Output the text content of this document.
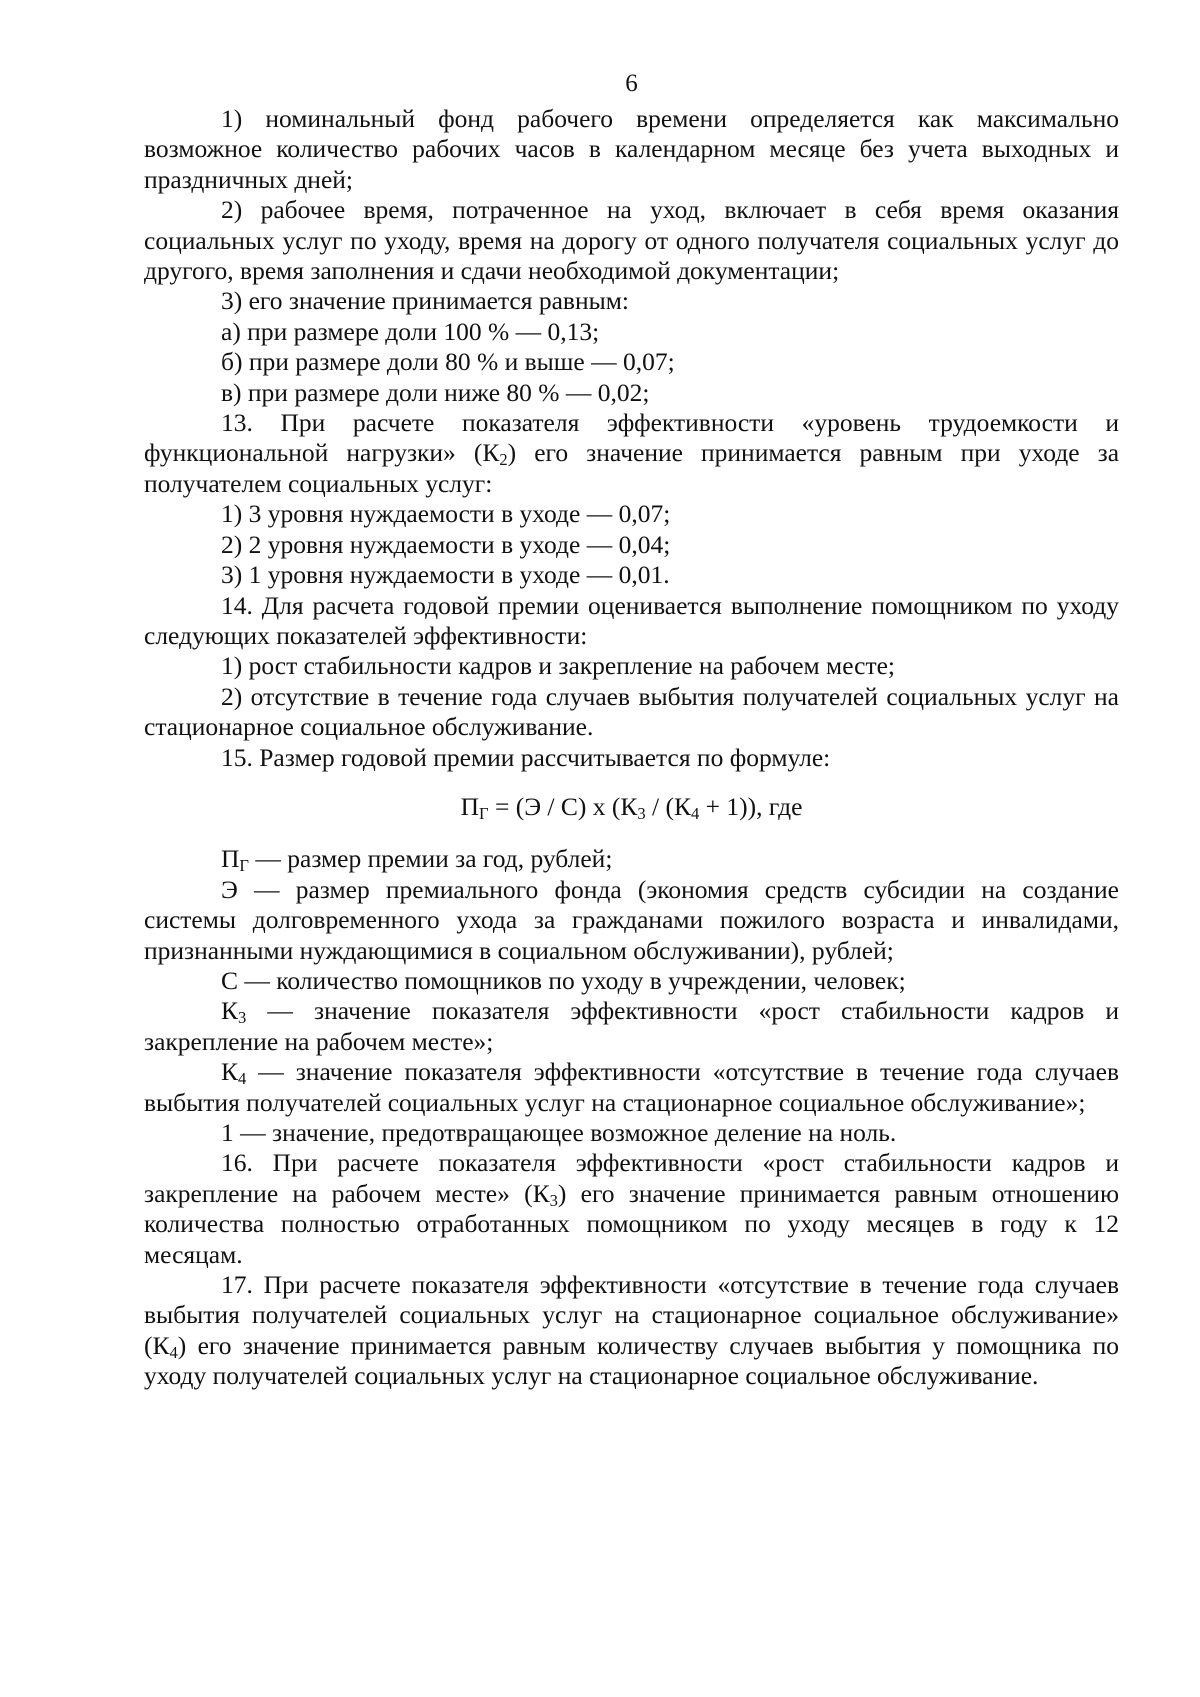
6

1) номинальный фонд рабочего времени определяется как максимально возможное количество рабочих часов в календарном месяце без учета выходных и праздничных дней;

2) рабочее время, потраченное на уход, включает в себя время оказания социальных услуг по уходу, время на дорогу от одного получателя социальных услуг до другого, время заполнения и сдачи необходимой документации;

3) его значение принимается равным:

а) при размере доли 100 % — 0,13;

б) при размере доли 80 % и выше — 0,07;

в) при размере доли ниже 80 % — 0,02;

13. При расчете показателя эффективности «уровень трудоемкости и функциональной нагрузки» $(К_2)$ его значение принимается равным при уходе за получателем социальных услуг:

1) 3 уровня нуждаемости в уходе — 0,07;

2) 2 уровня нуждаемости в уходе — 0,04;

3) 1 уровня нуждаемости в уходе — 0,01.

14. Для расчета годовой премии оценивается выполнение помощником по уходу следующих показателей эффективности:

1) рост стабильности кадров и закрепление на рабочем месте;

2) отсутствие в течение года случаев выбытия получателей социальных услуг на стационарное социальное обслуживание.

15. Размер годовой премии рассчитывается по формуле:

$П_Г = (Э / С)$ х $(К_3 / (К_4 + 1))$, где

$П_Г$ — размер премии за год, рублей;

Э — размер премиального фонда (экономия средств субсидии на создание системы долговременного ухода за гражданами пожилого возраста и инвалидами, признанными нуждающимися в социальном обслуживании), рублей;

С — количество помощников по уходу в учреждении, человек;

$К_3$ — значение показателя эффективности «рост стабильности кадров и закрепление на рабочем месте»;

$К_4$ — значение показателя эффективности «отсутствие в течение года случаев выбытия получателей социальных услуг на стационарное социальное обслуживание»;

1 — значение, предотвращающее возможное деление на ноль.

16. При расчете показателя эффективности «рост стабильности кадров и закрепление на рабочем месте» $(К_3)$ его значение принимается равным отношению количества полностью отработанных помощником по уходу месяцев в году к 12 месяцам.

17. При расчете показателя эффективности «отсутствие в течение года случаев выбытия получателей социальных услуг на стационарное социальное обслуживание» $(К_4)$ его значение принимается равным количеству случаев выбытия у помощника по уходу получателей социальных услуг на стационарное социальное обслуживание.
